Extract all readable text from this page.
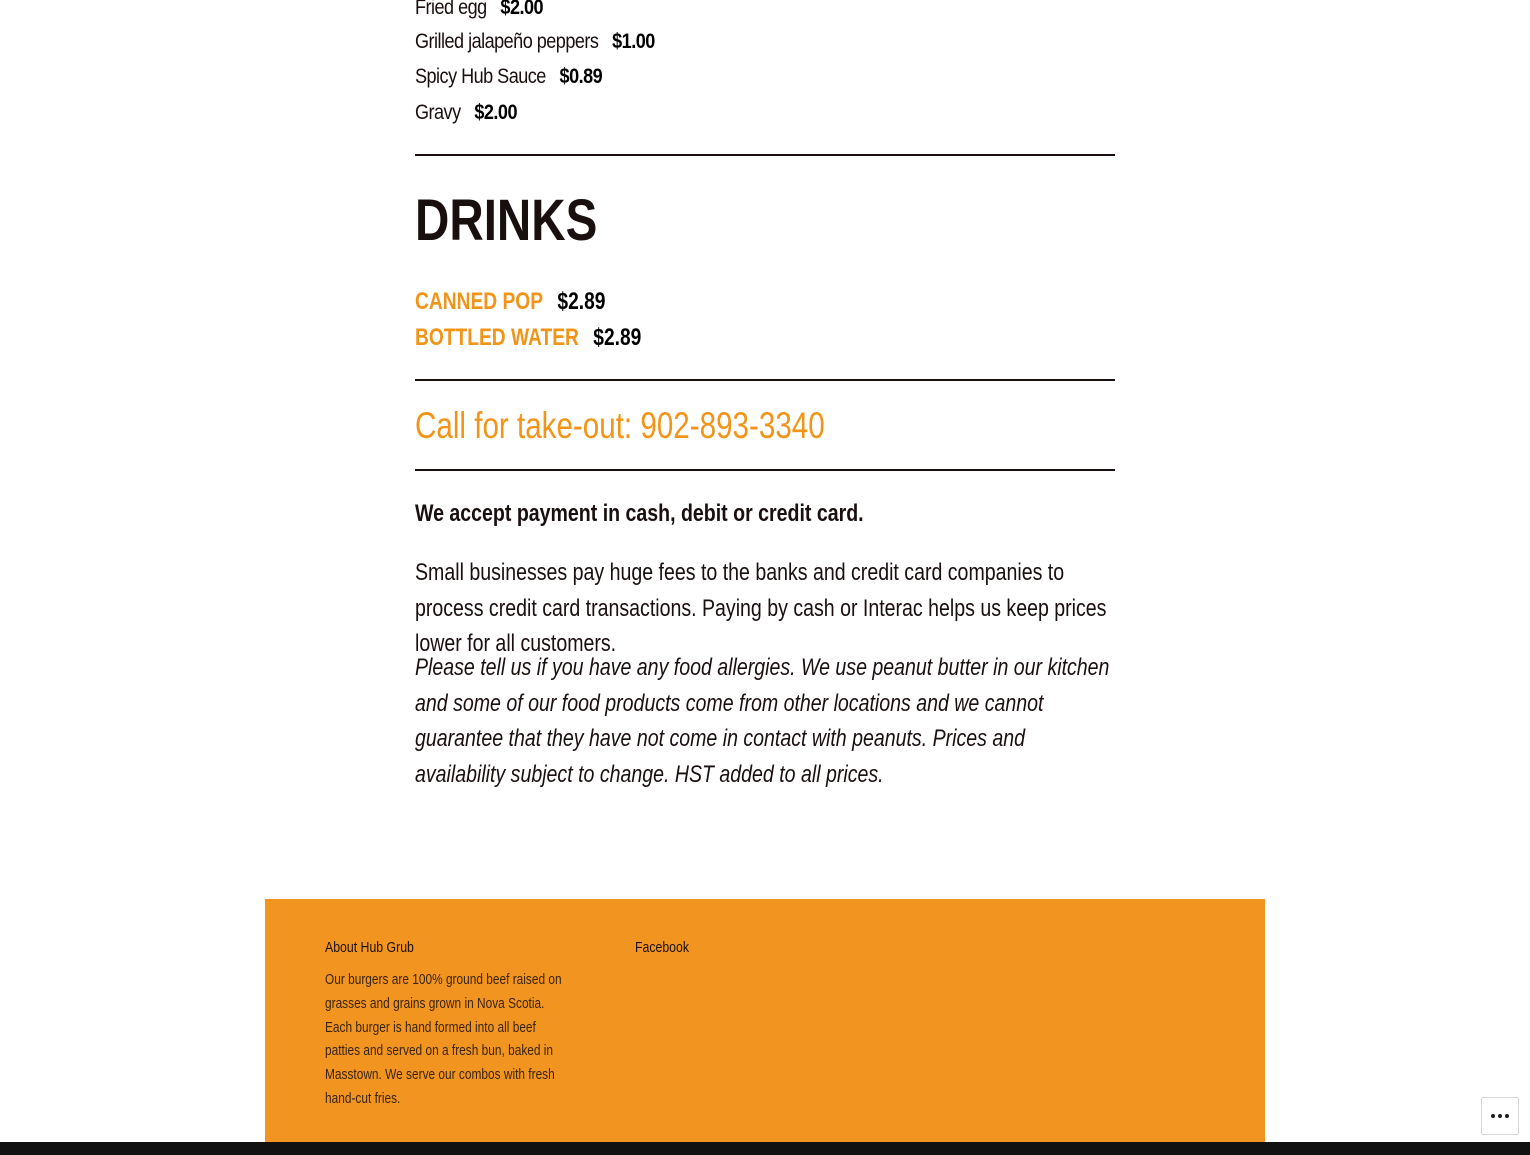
Fried egg $2.00
Grilled jalapeño peppers $1.00
Spicy Hub Sauce $0.89
Gravy $2.00
DRINKS
CANNED POP $2.89
BOTTLED WATER $2.89
Call for take-out: 902-893-3340

We accept payment in cash, debit or credit card.

Small businesses pay huge fees to the banks and credit card companies to process credit card transactions. Paying by cash or Interac helps us keep prices lower for all customers.

Please tell us if you have any food allergies. We use peanut butter in our kitchen and some of our food products come from other locations and we cannot guarantee that they have not come in contact with peanuts. Prices and availability subject to change. HST added to all prices.

About Hub Grub

Our burgers are 100% ground beef raised on grasses and grains grown in Nova Scotia. Each burger is hand formed into all beef patties and served on a fresh bun, baked in Masstown. We serve our combos with fresh hand-cut fries.

Facebook
